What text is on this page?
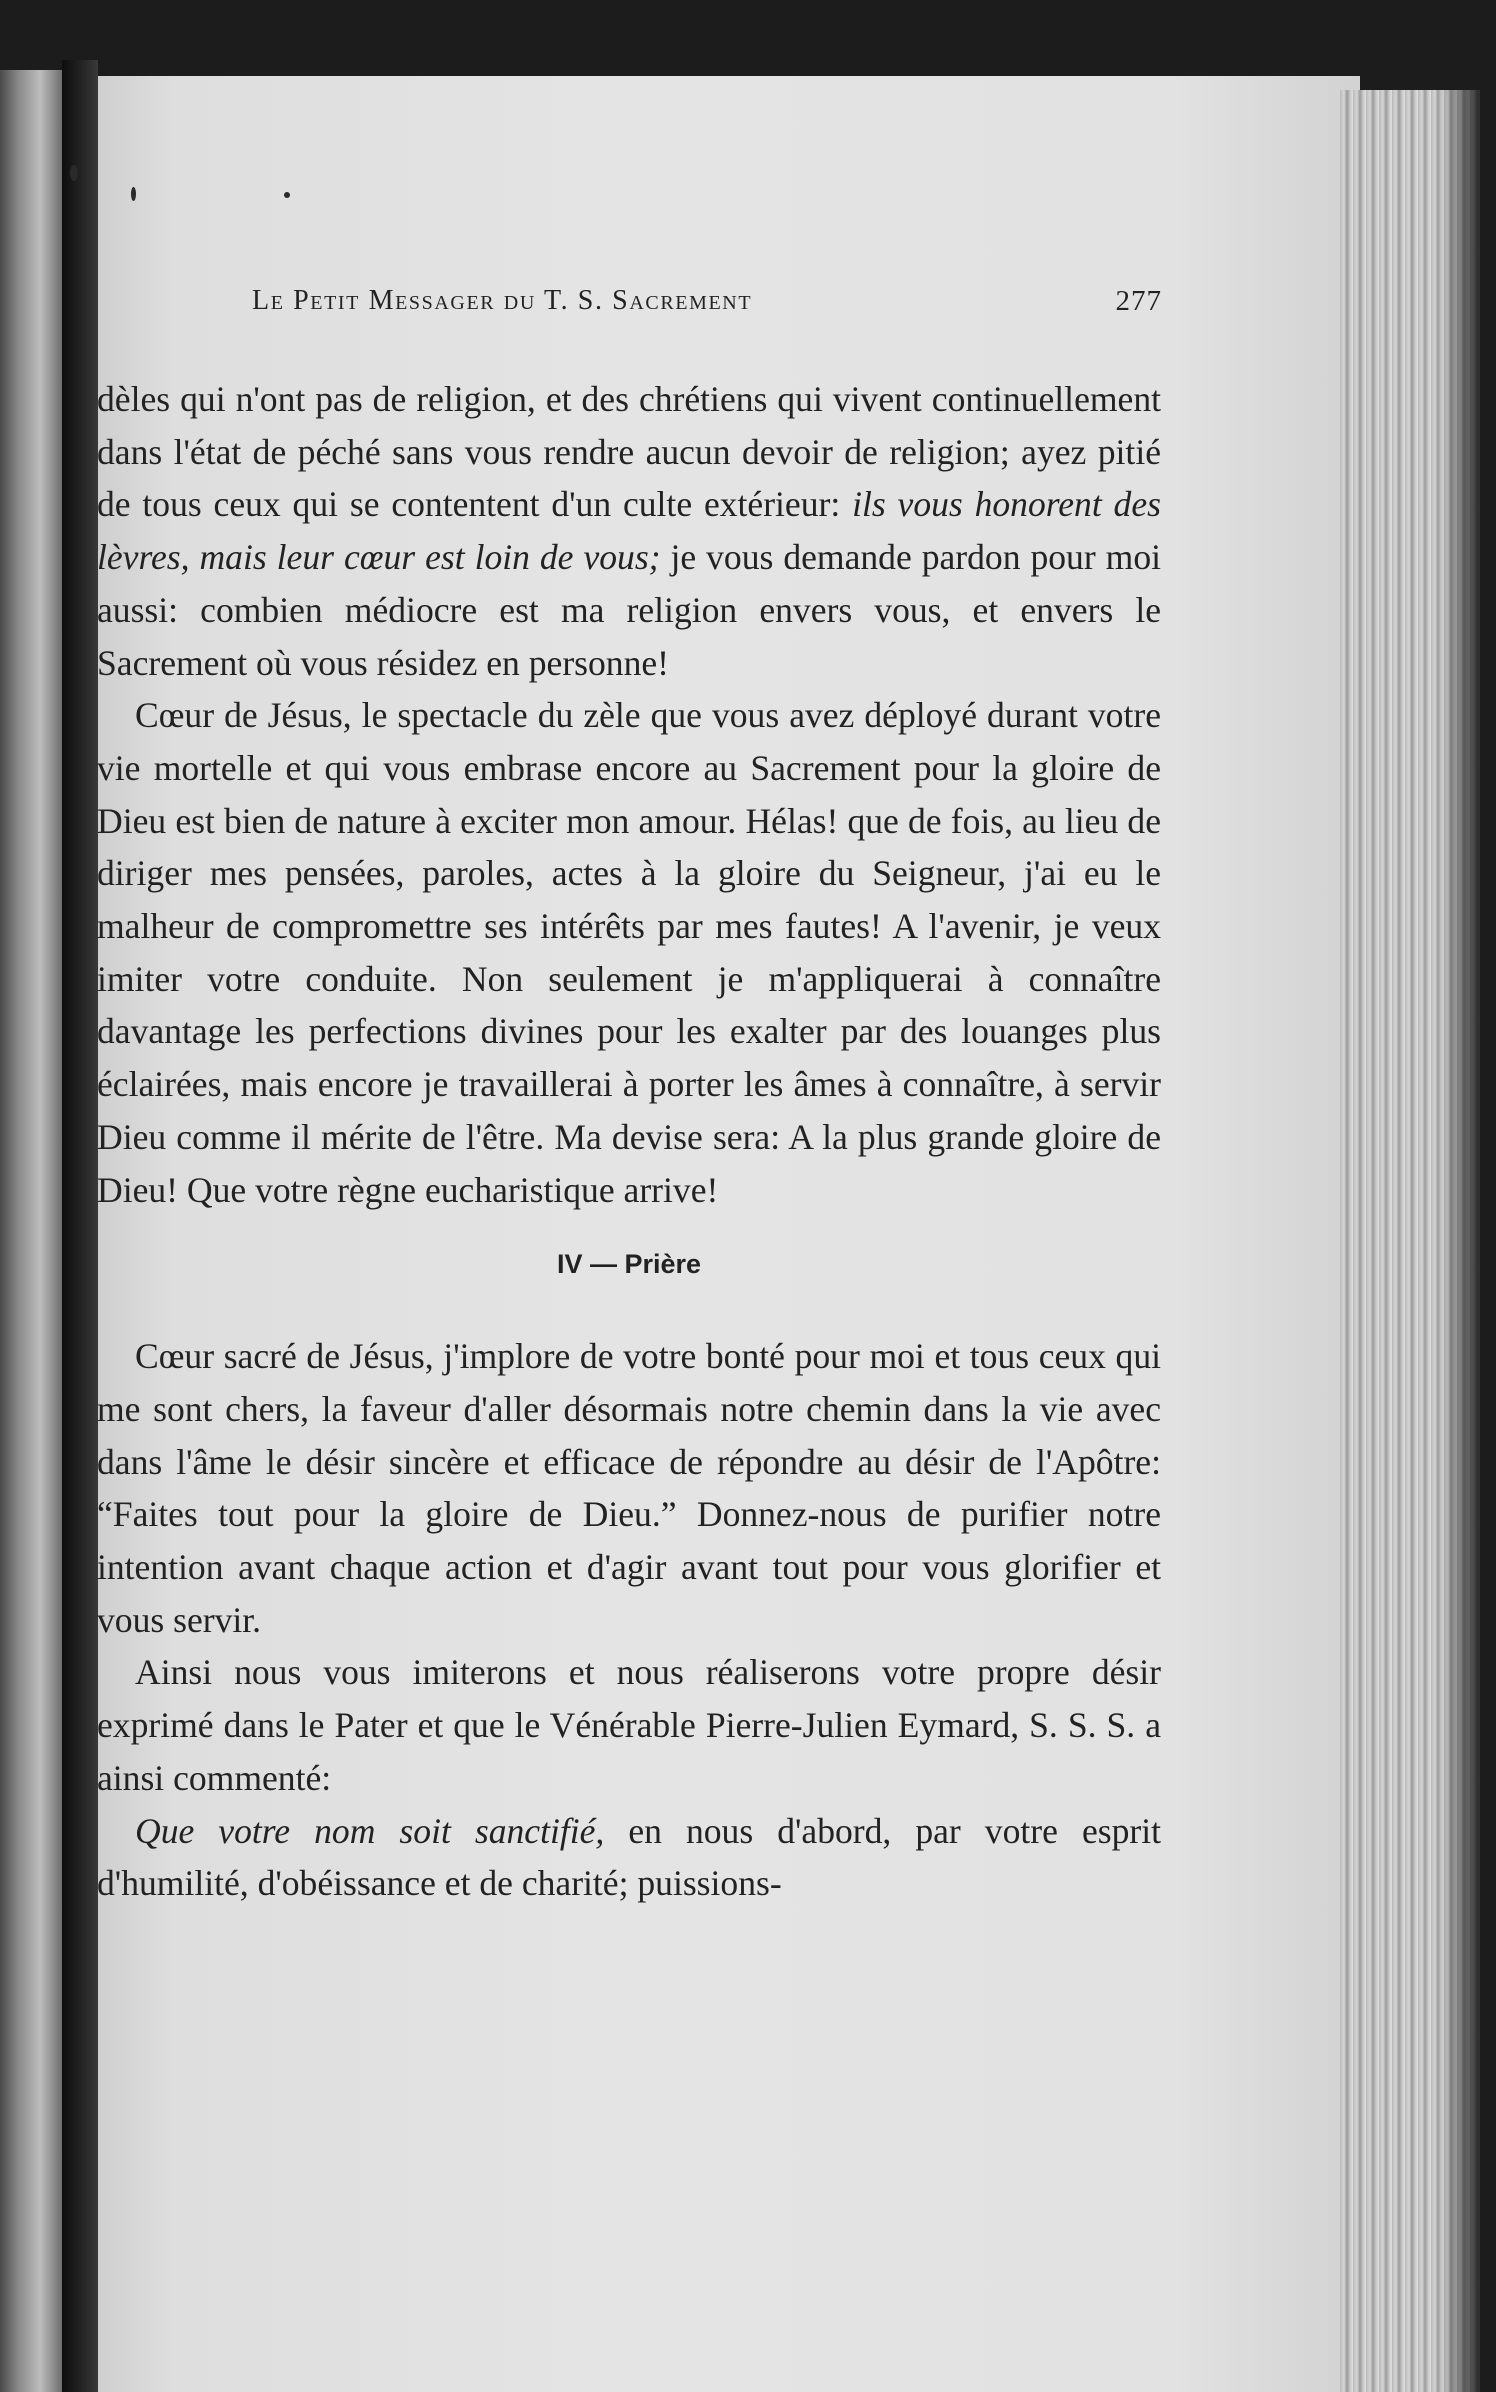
Le Petit Messager du T. S. Sacrement	277

dèles qui n'ont pas de religion, et des chrétiens qui vivent continuellement dans l'état de péché sans vous rendre aucun devoir de religion; ayez pitié de tous ceux qui se contentent d'un culte extérieur: ils vous honorent des lèvres, mais leur cœur est loin de vous; je vous demande pardon pour moi aussi: combien médiocre est ma religion envers vous, et envers le Sacrement où vous résidez en personne!

Cœur de Jésus, le spectacle du zèle que vous avez déployé durant votre vie mortelle et qui vous embrase encore au Sacrement pour la gloire de Dieu est bien de nature à exciter mon amour. Hélas! que de fois, au lieu de diriger mes pensées, paroles, actes à la gloire du Seigneur, j'ai eu le malheur de compromettre ses intérêts par mes fautes! A l'avenir, je veux imiter votre conduite. Non seulement je m'appliquerai à connaître davantage les perfections divines pour les exalter par des louanges plus éclairées, mais encore je travaillerai à porter les âmes à connaître, à servir Dieu comme il mérite de l'être. Ma devise sera: A la plus grande gloire de Dieu! Que votre règne eucharistique arrive!

IV — Prière

Cœur sacré de Jésus, j'implore de votre bonté pour moi et tous ceux qui me sont chers, la faveur d'aller désormais notre chemin dans la vie avec dans l'âme le désir sincère et efficace de répondre au désir de l'Apôtre: “Faites tout pour la gloire de Dieu.” Donnez-nous de purifier notre intention avant chaque action et d'agir avant tout pour vous glorifier et vous servir.

Ainsi nous vous imiterons et nous réaliserons votre propre désir exprimé dans le Pater et que le Vénérable Pierre-Julien Eymard, S. S. S. a ainsi commenté:

Que votre nom soit sanctifié, en nous d'abord, par votre esprit d'humilité, d'obéissance et de charité; puissions-
